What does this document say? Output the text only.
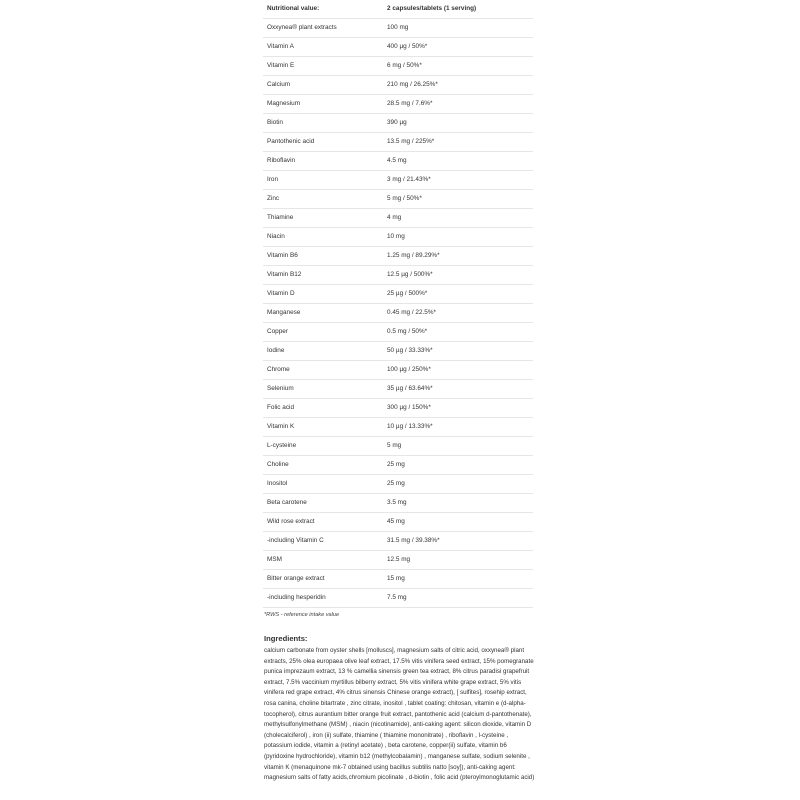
Nutritional value:	2 capsules/tablets (1 serving)
Oxxynea® plant extracts	100 mg
Vitamin A	400 µg / 50%*
Vitamin E	6 mg / 50%*
Calcium	210 mg / 26.25%*
Magnesium	28.5 mg / 7.6%*
Biotin	390 µg
Pantothenic acid	13.5 mg / 225%*
Riboflavin	4.5 mg
Iron	3 mg / 21.43%*
Zinc	5 mg / 50%*
Thiamine	4 mg
Niacin	10 mg
Vitamin B6	1.25 mg / 89.29%*
Vitamin B12	12.5 µg / 500%*
Vitamin D	25 µg / 500%*
Manganese	0.45 mg / 22.5%*
Copper	0.5 mg / 50%*
Iodine	50 µg / 33.33%*
Chrome	100 µg / 250%*
Selenium	35 µg / 63.64%*
Folic acid	300 µg / 150%*
Vitamin K	10 µg / 13.33%*
L-cysteine	5 mg
Choline	25 mg
Inositol	25 mg
Beta carotene	3.5 mg
Wild rose extract	45 mg
-including Vitamin C	31.5 mg / 39.38%*
MSM	12.5 mg
Bitter orange extract	15 mg
-including hesperidin	7.5 mg
*RWS - reference intake value
Ingredients:
calcium carbonate from oyster shells [molluscs], magnesium salts of citric acid, oxxynea® plant extracts, 25% olea europaea olive leaf extract, 17.5% vitis vinifera seed extract, 15% pomegranate punica imprezaum extract, 13 % camellia sinensis green tea extract, 8% citrus paradisi grapefruit extract, 7.5% vaccinium myrtillus bilberry extract, 5% vitis vinifera white grape extract, 5% vitis vinifera red grape extract, 4% citrus sinensis Chinese orange extract), [ sulfites], rosehip extract, rosa canina, choline bitartrate , zinc citrate, inositol , tablet coating: chitosan, vitamin e (d-alpha-tocopherol), citrus aurantium bitter orange fruit extract, pantothenic acid (calcium d-pantothenate), methylsulfonylmethane (MSM) , niacin (nicotinamide), anti-caking agent: silicon dioxide, vitamin D (cholecalciferol) , iron (ii) sulfate, thiamine ( thiamine mononitrate) , riboflavin , l-cysteine , potassium iodide, vitamin a (retinyl acetate) , beta carotene, copper(ii) sulfate, vitamin b6 (pyridoxine hydrochloride), vitamin b12 (methylcobalamin) , manganese sulfate, sodium selenite , vitamin K (menaquinone mk-7 obtained using bacillus subtilis natto [soy]), anti-caking agent: magnesium salts of fatty acids,chromium picolinate , d-biotin , folic acid (pteroylmonoglutamic acid)
